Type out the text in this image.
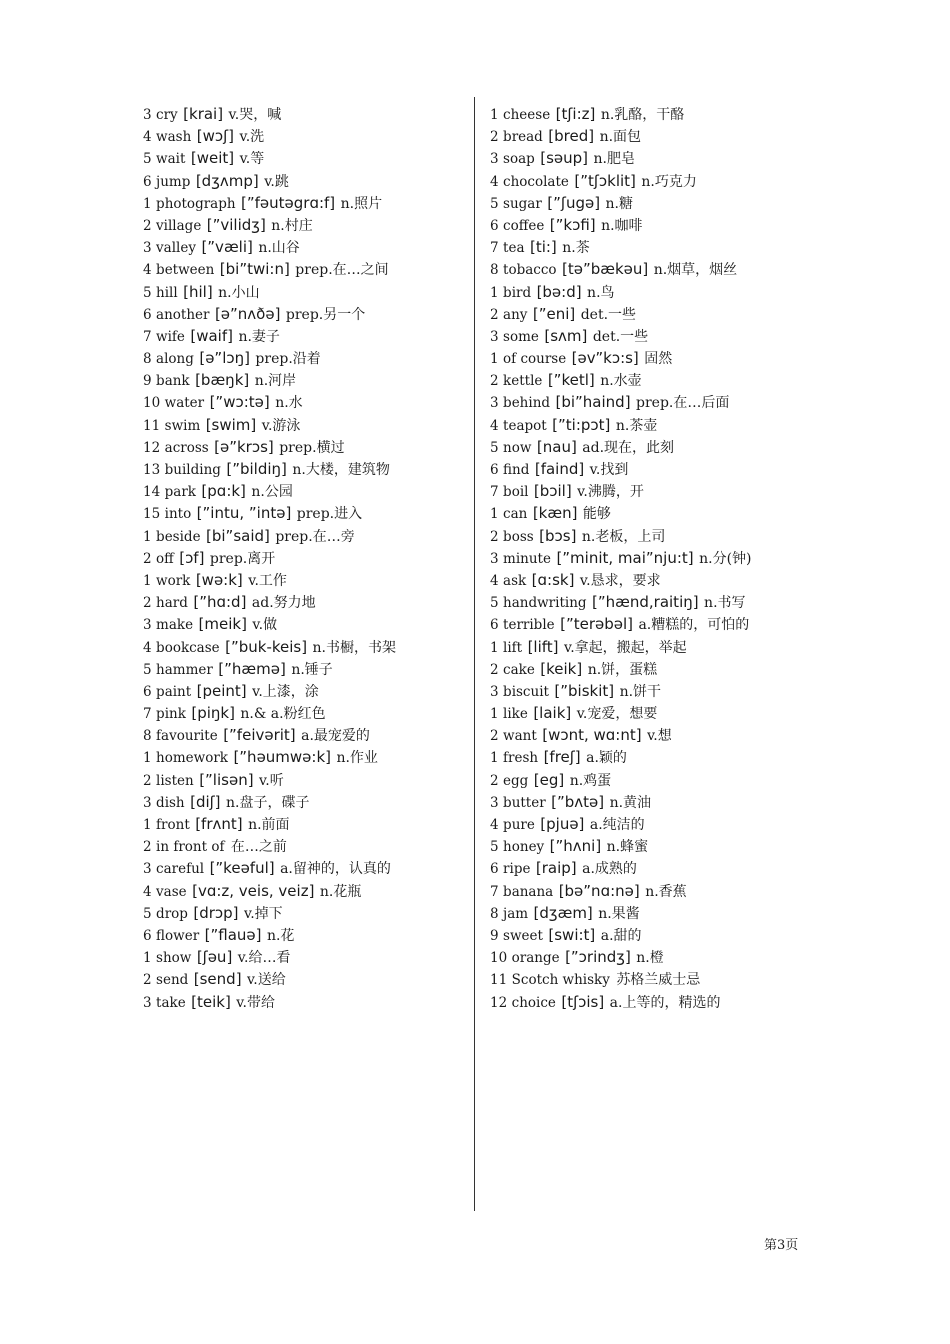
3 cry [krai] v.哭，喊
4 wash [wɔʃ] v.洗
5 wait [weit] v.等
6 jump [dʒʌmp] v.跳
1 photograph [”fəutəgrɑ:f] n.照片
2 village [”vilidʒ] n.村庄
3 valley [”væli] n.山谷
4 between [bi”twi:n] prep.在…之间
5 hill [hil] n.小山
6 another [ə”nʌðə] prep.另一个
7 wife [waif] n.妻子
8 along [ə”lɔŋ] prep.沿着
9 bank [bæŋk] n.河岸
10 water [”wɔ:tə] n.水
11 swim [swim] v.游泳
12 across [ə”krɔs] prep.横过
13 building [”bildiŋ] n.大楼，建筑物
14 park [pɑ:k] n.公园
15 into [”intu, ”intə] prep.进入
1 beside [bi”said] prep.在…旁
2 off [ɔf] prep.离开
1 work [wə:k] v.工作
2 hard [”hɑ:d] ad.努力地
3 make [meik] v.做
4 bookcase [”buk-keis] n.书橱，书架
5 hammer [”hæmə] n.锤子
6 paint [peint] v.上漆，涂
7 pink [piŋk] n.& a.粉红色
8 favourite [”feivərit] a.最宠爱的
1 homework [”həumwə:k] n.作业
2 listen [”lisən] v.听
3 dish [diʃ] n.盘子，碟子
1 front [frʌnt] n.前面
2 in front of 在…之前
3 careful [”keəful] a.留神的，认真的
4 vase [vɑ:z, veis, veiz] n.花瓶
5 drop [drɔp] v.掉下
6 flower [”flauə] n.花
1 show [ʃəu] v.给…看
2 send [send] v.送给
3 take [teik] v.带给
1 cheese [tʃi:z] n.乳酪，干酪
2 bread [bred] n.面包
3 soap [səup] n.肥皂
4 chocolate [”tʃɔklit] n.巧克力
5 sugar [”ʃugə] n.糖
6 coffee [”kɔfi] n.咖啡
7 tea [ti:] n.茶
8 tobacco [tə”bækəu] n.烟草，烟丝
1 bird [bə:d] n.鸟
2 any [”eni] det.一些
3 some [sʌm] det.一些
1 of course [əv”kɔ:s] 固然
2 kettle [”ketl] n.水壶
3 behind [bi”haind] prep.在…后面
4 teapot [”ti:pɔt] n.茶壶
5 now [nau] ad.现在，此刻
6 find [faind] v.找到
7 boil [bɔil] v.沸腾，开
1 can [kæn] 能够
2 boss [bɔs] n.老板，上司
3 minute [”minit, mai”nju:t] n.分(钟)
4 ask [ɑ:sk] v.恳求，要求
5 handwriting [”hænd,raitiŋ] n.书写
6 terrible [”terəbəl] a.糟糕的，可怕的
1 lift [lift] v.拿起，搬起，举起
2 cake [keik] n.饼，蛋糕
3 biscuit [”biskit] n.饼干
1 like [laik] v.宠爱，想要
2 want [wɔnt, wɑ:nt] v.想
1 fresh [freʃ] a.颖的
2 egg [eg] n.鸡蛋
3 butter [”bʌtə] n.黄油
4 pure [pjuə] a.纯洁的
5 honey [”hʌni] n.蜂蜜
6 ripe [raip] a.成熟的
7 banana [bə”nɑ:nə] n.香蕉
8 jam [dʒæm] n.果酱
9 sweet [swi:t] a.甜的
10 orange [”ɔrindʒ] n.橙
11 Scotch whisky 苏格兰威士忌
12 choice [tʃɔis] a.上等的，精选的
第3页
